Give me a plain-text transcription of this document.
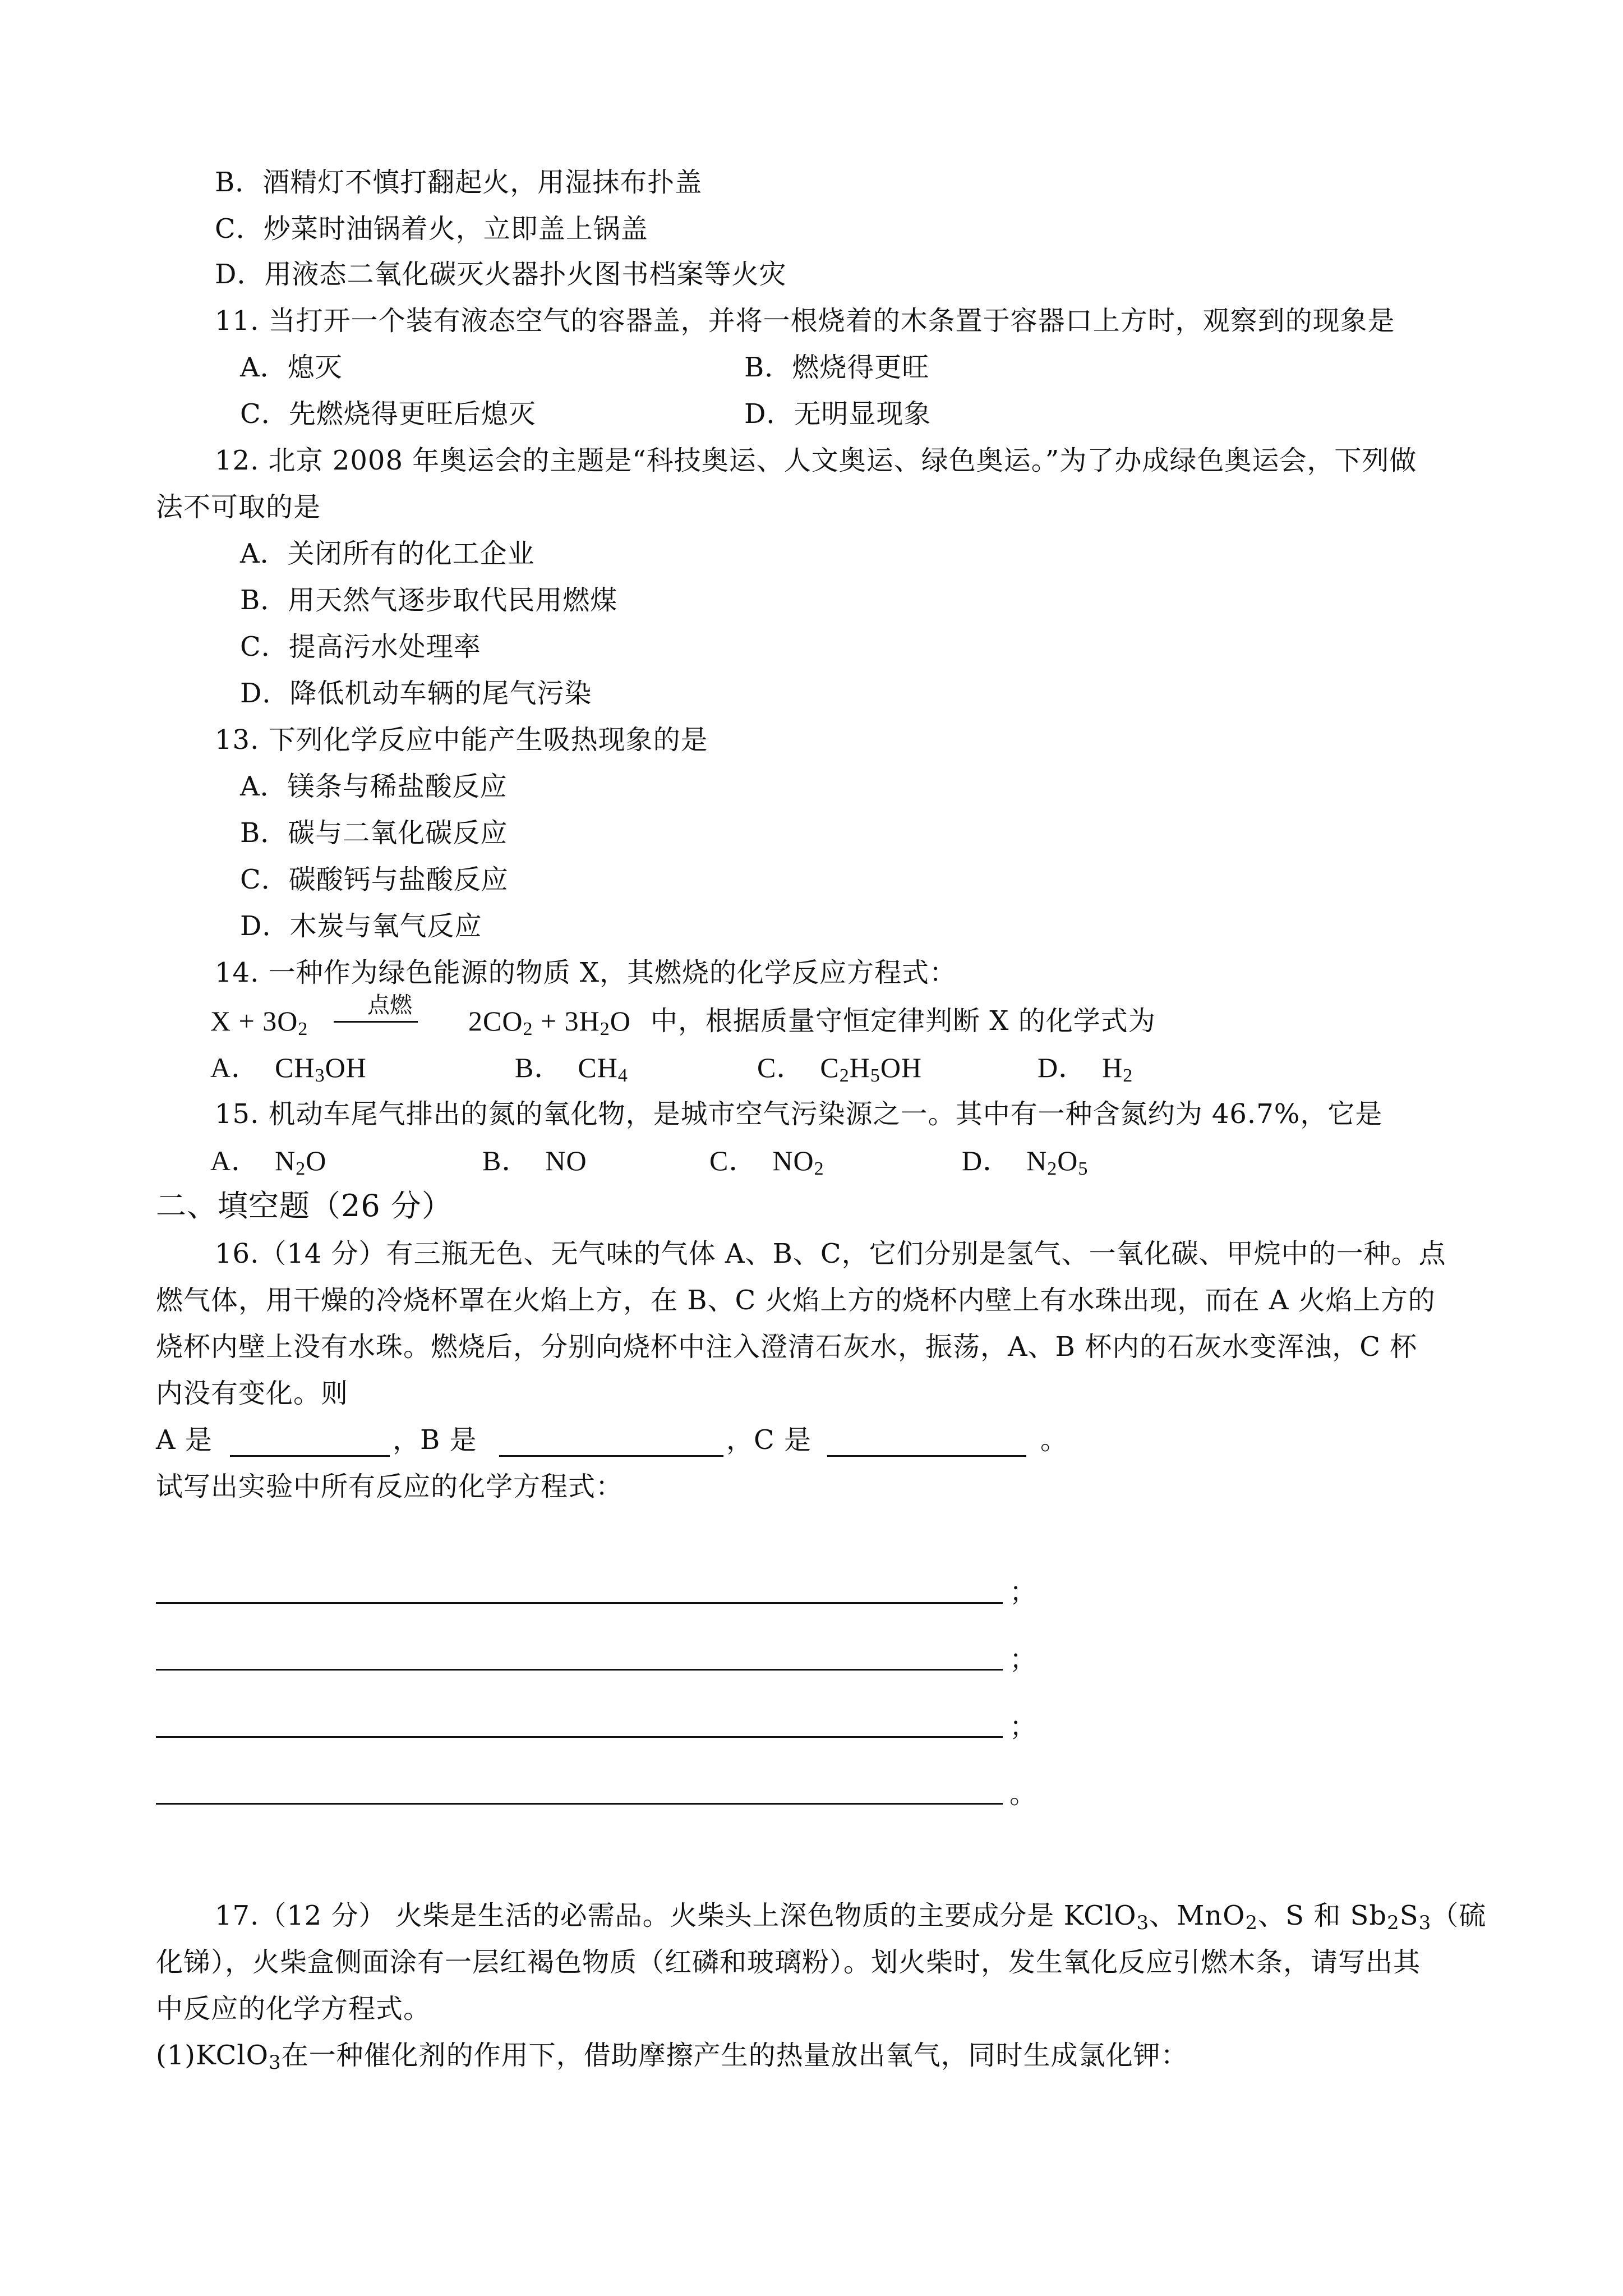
B．酒精灯不慎打翻起火，用湿抹布扑盖
C．炒菜时油锅着火，立即盖上锅盖
D．用液态二氧化碳灭火器扑火图书档案等火灾
11. 当打开一个装有液态空气的容器盖，并将一根烧着的木条置于容器口上方时，观察到的现象是
A．熄灭	B．燃烧得更旺
C．先燃烧得更旺后熄灭	D．无明显现象
12. 北京 2008 年奥运会的主题是“科技奥运、人文奥运、绿色奥运。”为了办成绿色奥运会，下列做
法不可取的是
A．关闭所有的化工企业
B．用天然气逐步取代民用燃煤
C．提高污水处理率
D．降低机动车辆的尾气污染
13. 下列化学反应中能产生吸热现象的是
A．镁条与稀盐酸反应
B．碳与二氧化碳反应
C．碳酸钙与盐酸反应
D．木炭与氧气反应
14. 一种作为绿色能源的物质 X，其燃烧的化学反应方程式：
$X + 3O_2$
点燃 $2CO_2 + 3H_2O$ 中，根据质量守恒定律判断 X 的化学式为
A． $CH_3OH$	B． $CH_4$	C． $C_2H_5OH$	D． $H_2$
15. 机动车尾气排出的氮的氧化物，是城市空气污染源之一。其中有一种含氮约为 46.7%，它是
A． $N_2O$	B． NO	C． $NO_2$	D． $N_2O_5$
二、填空题（26 分）
16.（14 分）有三瓶无色、无气味的气体 A、B、C，它们分别是氢气、一氧化碳、甲烷中的一种。点
燃气体，用干燥的冷烧杯罩在火焰上方，在 B、C 火焰上方的烧杯内壁上有水珠出现，而在 A 火焰上方的
烧杯内壁上没有水珠。燃烧后，分别向烧杯中注入澄清石灰水，振荡，A、B 杯内的石灰水变浑浊，C 杯
内没有变化。则
A 是	，B 是	，C 是	。
试写出实验中所有反应的化学方程式：
；
；
；
。
17.（12 分） 火柴是生活的必需品。火柴头上深色物质的主要成分是 KClO$_3$、MnO$_2$、S 和 $Sb_2S_3$（硫
化锑），火柴盒侧面涂有一层红褐色物质（红磷和玻璃粉）。划火柴时，发生氧化反应引燃木条，请写出其
中反应的化学方程式。
(1)KClO$_3$在一种催化剂的作用下，借助摩擦产生的热量放出氧气，同时生成氯化钾：
